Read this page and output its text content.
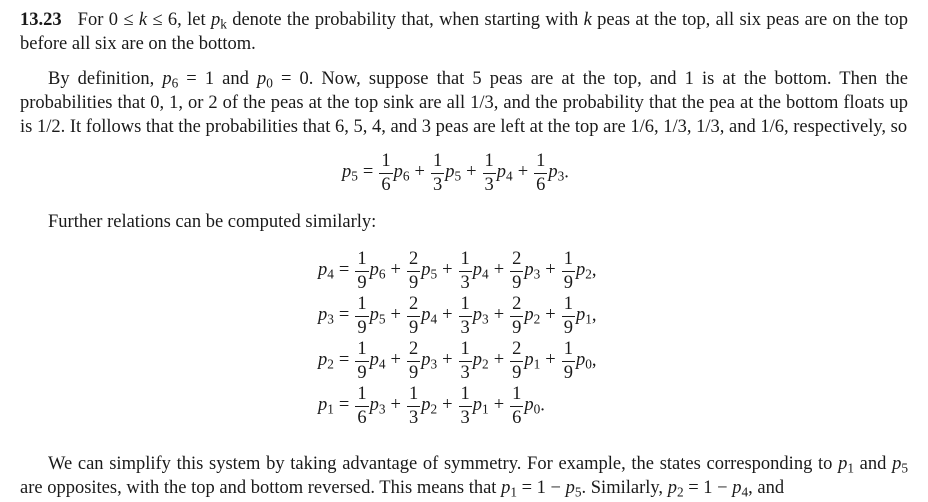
13.23 For 0 ≤ k ≤ 6, let $p_k$ denote the probability that, when starting with k peas at the top, all six peas are on the top before all six are on the bottom.

By definition, $p_6 = 1$ and $p_0 = 0$. Now, suppose that 5 peas are at the top, and 1 is at the bottom. Then the probabilities that 0, 1, or 2 of the peas at the top sink are all 1/3, and the probability that the pea at the bottom floats up is 1/2. It follows that the probabilities that 6, 5, 4, and 3 peas are left at the top are 1/6, 1/3, 1/3, and 1/6, respectively, so

$p_5 = \frac{1}{6} p_6 + \frac{1}{3} p_5 + \frac{1}{3} p_4 + \frac{1}{6} p_3$.

Further relations can be computed similarly:

$p_4 = \frac{1}{9} p_6 + \frac{2}{9} p_5 + \frac{1}{3} p_4 + \frac{2}{9} p_3 + \frac{1}{9} p_2$,
$p_3 = \frac{1}{9} p_5 + \frac{2}{9} p_4 + \frac{1}{3} p_3 + \frac{2}{9} p_2 + \frac{1}{9} p_1$,
$p_2 = \frac{1}{9} p_4 + \frac{2}{9} p_3 + \frac{1}{3} p_2 + \frac{2}{9} p_1 + \frac{1}{9} p_0$,
$p_1 = \frac{1}{6} p_3 + \frac{1}{3} p_2 + \frac{1}{3} p_1 + \frac{1}{6} p_0$.

We can simplify this system by taking advantage of symmetry. For example, the states corresponding to $p_1$ and $p_5$ are opposites, with the top and bottom reversed. This means that $p_1 = 1 - p_5$. Similarly, $p_2 = 1 - p_4$, and
